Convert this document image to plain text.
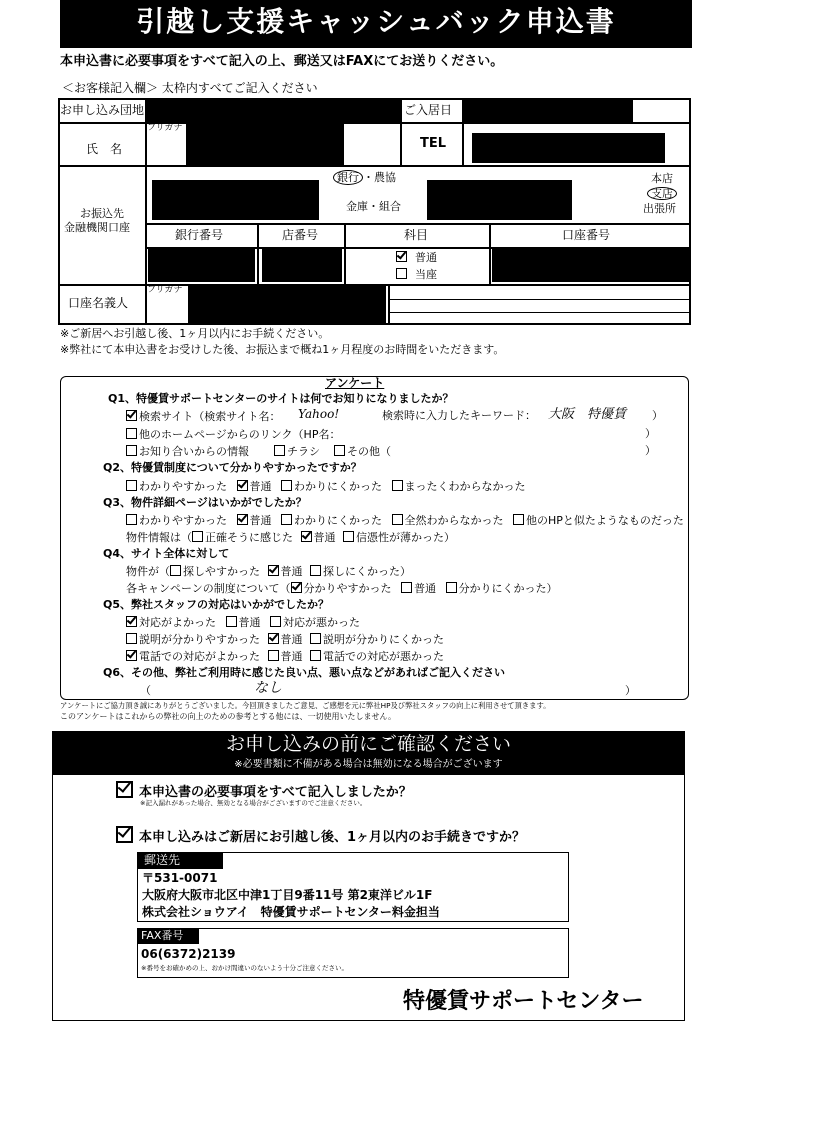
引越し支援キャッシュバック申込書
本申込書に必要事項をすべて記入の上、郵送又はFAXにてお送りください。
＜お客様記入欄＞ 太枠内すべてご記入ください
お申し込み団地	ご入居日
フリガナ
氏　名	TEL
お振込先
金融機関口座
銀行 ・農協
金庫・組合
本店
支店
出張所
銀行番号	店番号	科目	口座番号
普通
当座
フリガナ
口座名義人
※ご新居へお引越し後、1ヶ月以内にお手続ください。
※弊社にて本申込書をお受けした後、お振込まで概ね1ヶ月程度のお時間をいただきます。
アンケート
Q1、特優賃サポートセンターのサイトは何でお知りになりましたか？
検索サイト（検索サイト名： Yahoo!	検索時に入力したキーワード： 大阪　特優賃 ）
他のホームページからのリンク（HP名：	）
お知り合いからの情報	チラシ	その他（	）
Q2、特優賃制度について分かりやすかったですか？
わかりやすかった 普通 わかりにくかった まったくわからなかった
Q3、物件詳細ページはいかがでしたか？
わかりやすかった 普通 わかりにくかった 全然わからなかった 他のHPと似たようなものだった
物件情報は（ 正確そうに感じた 普通 信憑性が薄かった）
Q4、サイト全体に対して
物件が（ 探しやすかった 普通 探しにくかった）
各キャンペーンの制度について（ 分かりやすかった 普通 分かりにくかった）
Q5、弊社スタッフの対応はいかがでしたか？
対応がよかった 普通 対応が悪かった
説明が分かりやすかった 普通 説明が分かりにくかった
電話での対応がよかった 普通 電話での対応が悪かった
Q6、その他、弊社ご利用時に感じた良い点、悪い点などがあればご記入ください
（	なし	）
アンケートにご協力頂き誠にありがとうございました。今回頂きましたご意見、ご感想を元に弊社HP及び弊社スタッフの向上に利用させて頂きます。
このアンケートはこれからの弊社の向上のための参考とする他には、一切使用いたしません。
お申し込みの前にご確認ください
※必要書類に不備がある場合は無効になる場合がございます
本申込書の必要事項をすべて記入しましたか？
※記入漏れがあった場合、無効となる場合がございますのでご注意ください。
本申し込みはご新居にお引越し後、1ヶ月以内のお手続きですか？
郵送先
〒531-0071
大阪府大阪市北区中津1丁目9番11号 第2東洋ビル1F
株式会社ショウアイ　特優賃サポートセンター料金担当
FAX番号
06(6372)2139
※番号をお確かめの上、おかけ間違いのないよう十分ご注意ください。
特優賃サポートセンター
